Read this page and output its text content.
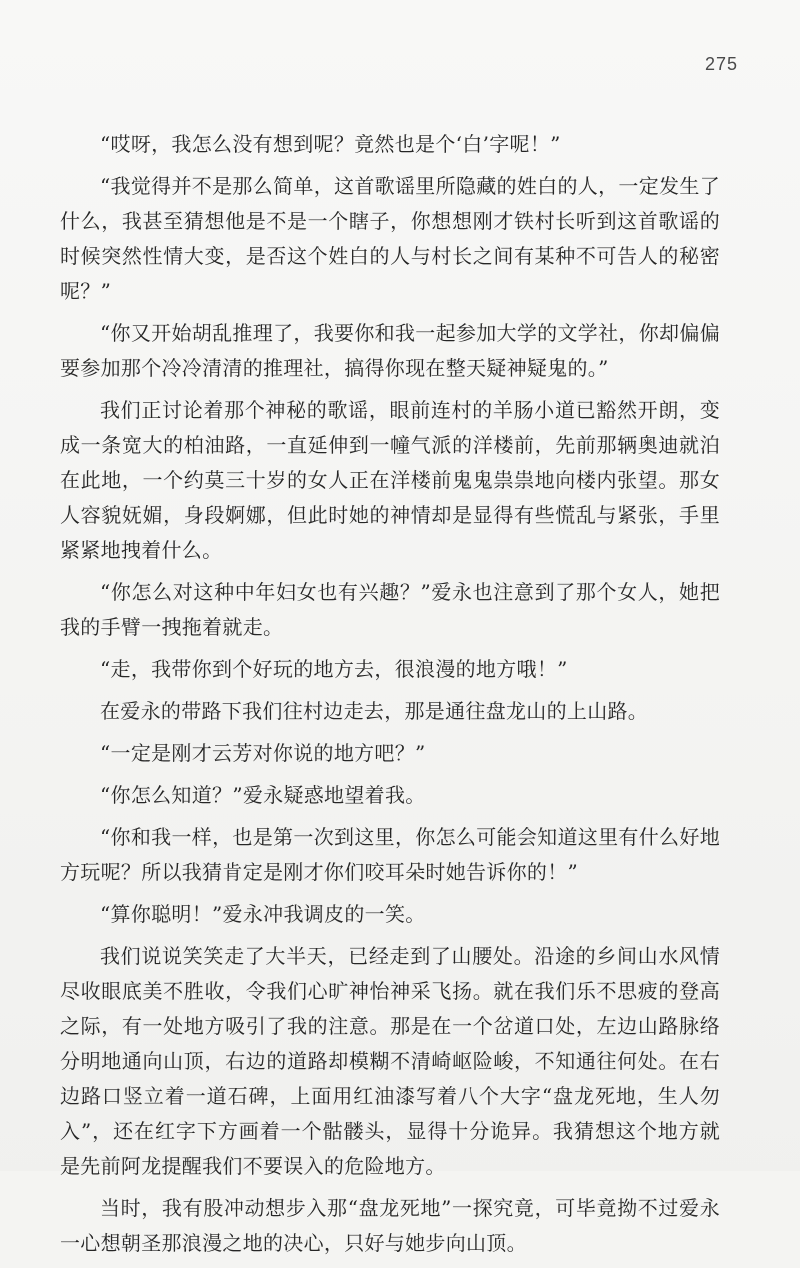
275

“哎呀，我怎么没有想到呢？竟然也是个‘白’字呢！”

“我觉得并不是那么简单，这首歌谣里所隐藏的姓白的人，一定发生了什么，我甚至猜想他是不是一个瞎子，你想想刚才铁村长听到这首歌谣的时候突然性情大变，是否这个姓白的人与村长之间有某种不可告人的秘密呢？”

“你又开始胡乱推理了，我要你和我一起参加大学的文学社，你却偏偏要参加那个冷冷清清的推理社，搞得你现在整天疑神疑鬼的。”

我们正讨论着那个神秘的歌谣，眼前连村的羊肠小道已豁然开朗，变成一条宽大的柏油路，一直延伸到一幢气派的洋楼前，先前那辆奥迪就泊在此地，一个约莫三十岁的女人正在洋楼前鬼鬼祟祟地向楼内张望。那女人容貌妩媚，身段婀娜，但此时她的神情却是显得有些慌乱与紧张，手里紧紧地拽着什么。

“你怎么对这种中年妇女也有兴趣？”爱永也注意到了那个女人，她把我的手臂一拽拖着就走。

“走，我带你到个好玩的地方去，很浪漫的地方哦！”

在爱永的带路下我们往村边走去，那是通往盘龙山的上山路。

“一定是刚才云芳对你说的地方吧？”

“你怎么知道？”爱永疑惑地望着我。

“你和我一样，也是第一次到这里，你怎么可能会知道这里有什么好地方玩呢？所以我猜肯定是刚才你们咬耳朵时她告诉你的！”

“算你聪明！”爱永冲我调皮的一笑。

我们说说笑笑走了大半天，已经走到了山腰处。沿途的乡间山水风情尽收眼底美不胜收，令我们心旷神怡神采飞扬。就在我们乐不思疲的登高之际，有一处地方吸引了我的注意。那是在一个岔道口处，左边山路脉络分明地通向山顶，右边的道路却模糊不清崎岖险峻，不知通往何处。在右边路口竖立着一道石碑，上面用红油漆写着八个大字“盘龙死地，生人勿入”，还在红字下方画着一个骷髅头，显得十分诡异。我猜想这个地方就是先前阿龙提醒我们不要误入的危险地方。

当时，我有股冲动想步入那“盘龙死地”一探究竟，可毕竟拗不过爱永一心想朝圣那浪漫之地的决心，只好与她步向山顶。
